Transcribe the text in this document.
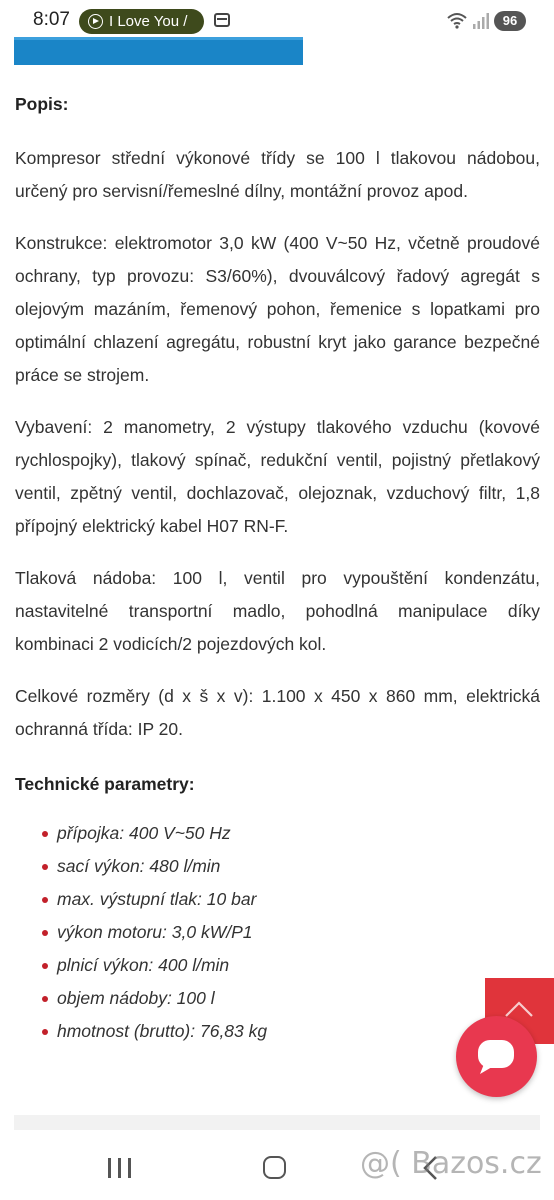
8:07	I Love You /	96
Popis:

Kompresor střední výkonové třídy se 100 l tlakovou nádobou, určený pro servisní/řemeslné dílny, montážní provoz apod.

Konstrukce: elektromotor 3,0 kW (400 V~50 Hz, včetně proudové ochrany, typ provozu: S3/60%), dvouválcový řadový agregát s olejovým mazáním, řemenový pohon, řemenice s lopatkami pro optimální chlazení agregátu, robustní kryt jako garance bezpečné práce se strojem.

Vybavení: 2 manometry, 2 výstupy tlakového vzduchu (kovové rychlospojky), tlakový spínač, redukční ventil, pojistný přetlakový ventil, zpětný ventil, dochlazovač, olejoznak, vzduchový filtr, 1,8 přípojný elektrický kabel H07 RN-F.

Tlaková nádoba: 100 l, ventil pro vypouštění kondenzátu, nastavitelné transportní madlo, pohodlná manipulace díky kombinaci 2 vodicích/2 pojezdových kol.

Celkové rozměry (d x š x v): 1.100 x 450 x 860 mm, elektrická ochranná třída: IP 20.

Technické parametry:
přípojka: 400 V~50 Hz
sací výkon: 480 l/min
max. výstupní tlak: 10 bar
výkon motoru: 3,0 kW/P1
plnicí výkon: 400 l/min
objem nádoby: 100 l
hmotnost (brutto): 76,83 kg
@( Bazos.cz
